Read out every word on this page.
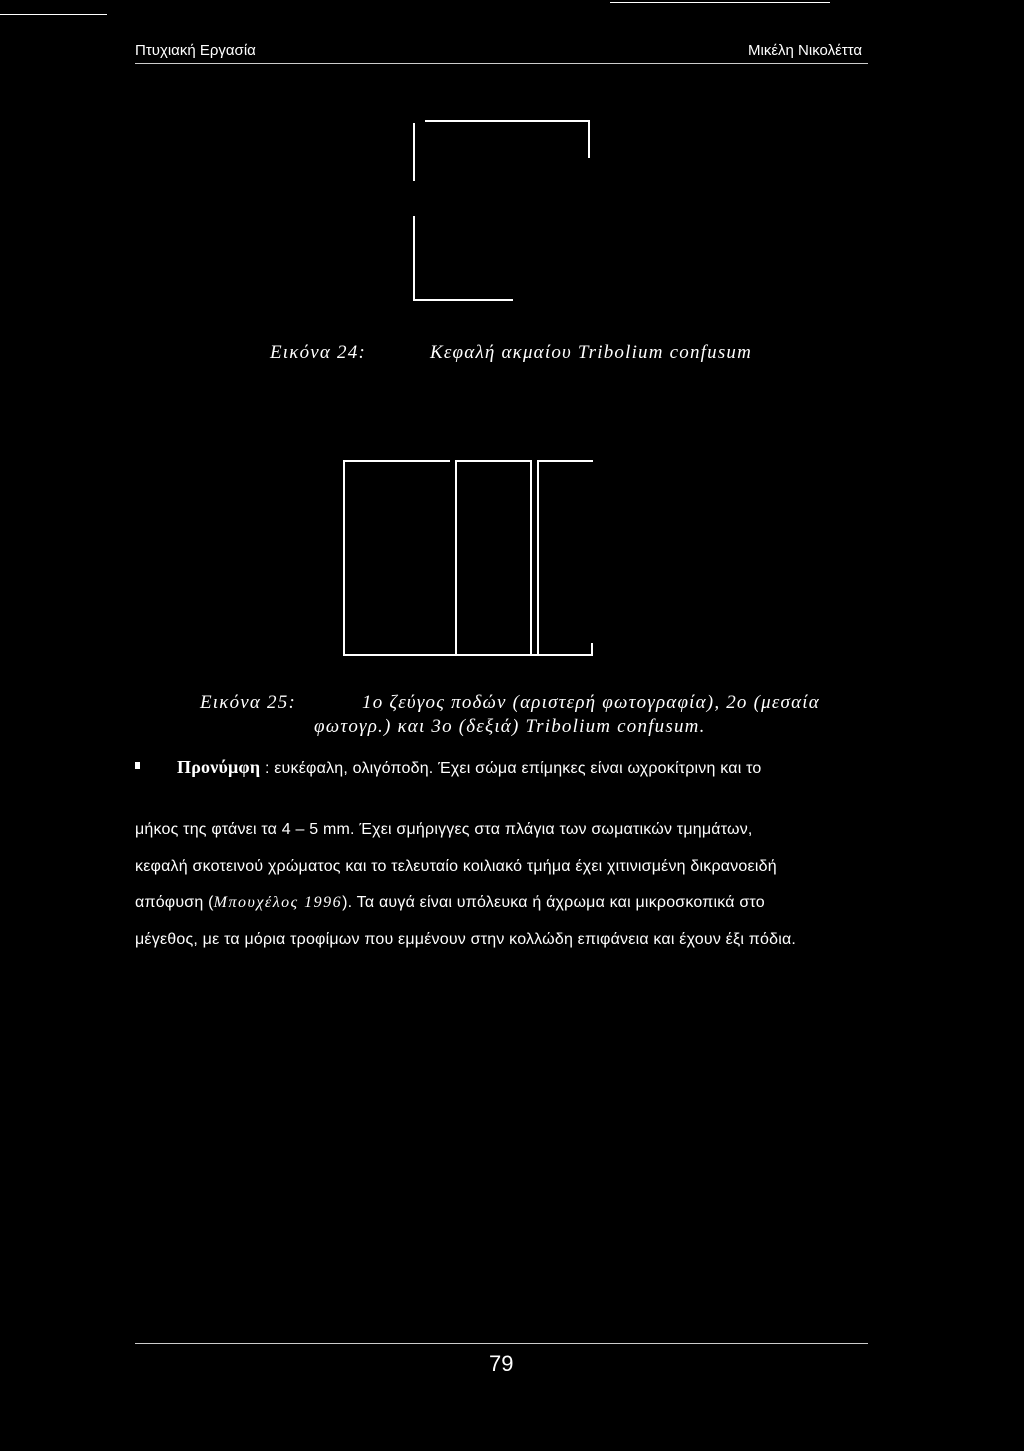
Πτυχιακή Εργασία	Μικέλη Νικολέττα
Εικόνα 24:	Κεφαλή ακμαίου Tribolium confusum
Εικόνα 25:	1ο ζεύγος ποδών (αριστερή φωτογραφία), 2ο (μεσαία
φωτογρ.) και 3ο (δεξιά) Tribolium confusum.
Προνύμφη : ευκέφαλη, ολιγόποδη. Έχει σώμα επίμηκες είναι ωχροκίτρινη και το
μήκος της φτάνει τα 4 – 5 mm. Έχει σμήριγγες στα πλάγια των σωματικών τμημάτων,
κεφαλή σκοτεινού χρώματος και το τελευταίο κοιλιακό τμήμα έχει χιτινισμένη δικρανοειδή
απόφυση (Μπουχέλος 1996). Τα αυγά είναι υπόλευκα ή άχρωμα και μικροσκοπικά στο
μέγεθος, με τα μόρια τροφίμων που εμμένουν στην κολλώδη επιφάνεια και έχουν έξι πόδια.
79
